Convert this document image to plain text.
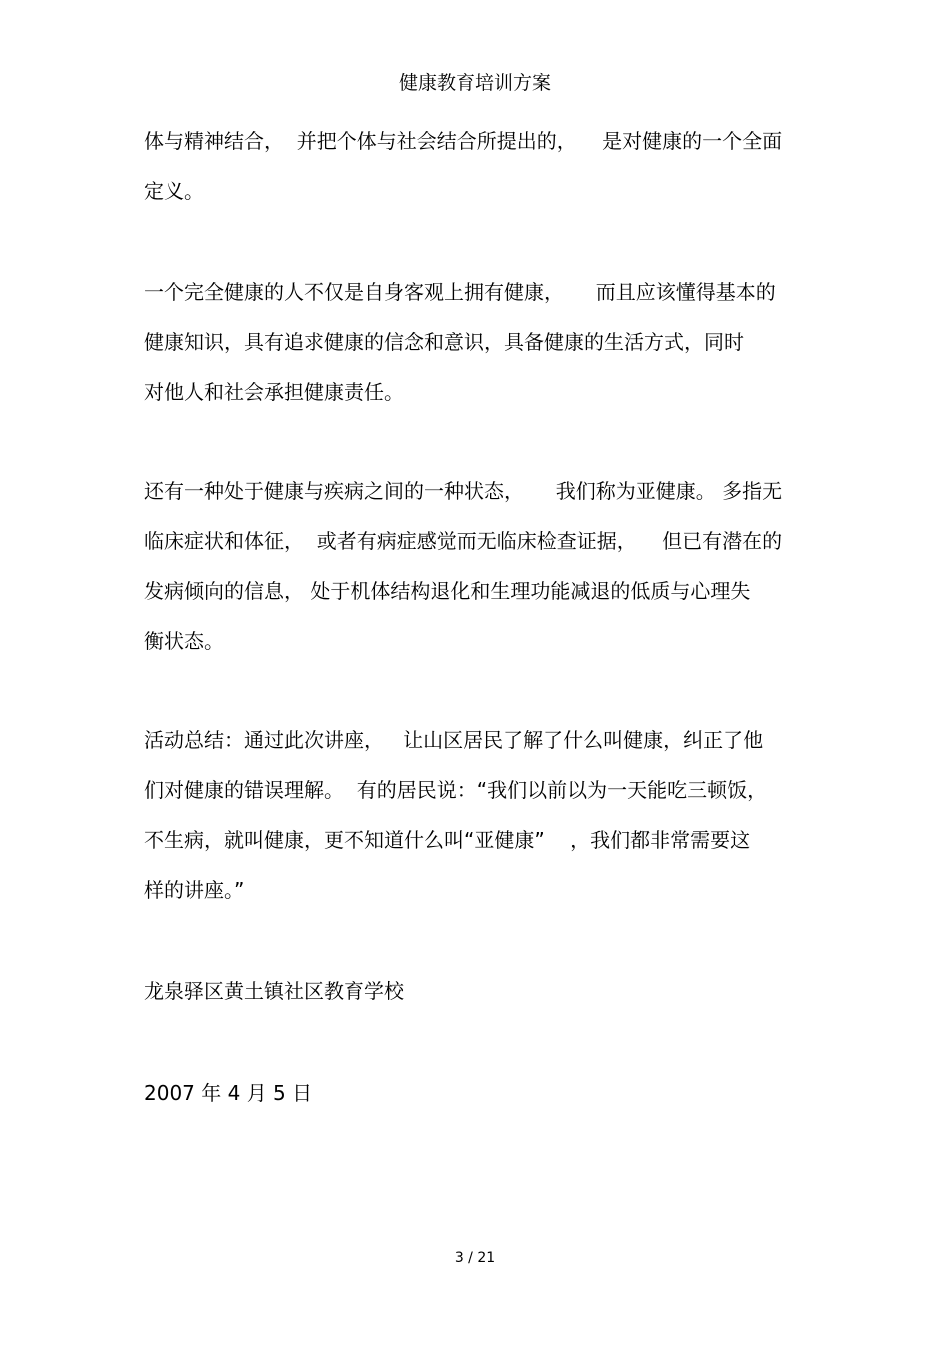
健康教育培训方案
体与精神结合，  并把个体与社会结合所提出的，    是对健康的一个全面
定义。
一个完全健康的人不仅是自身客观上拥有健康，     而且应该懂得基本的
健康知识，具有追求健康的信念和意识，具备健康的生活方式，同时
对他人和社会承担健康责任。
还有一种处于健康与疾病之间的一种状态，     我们称为亚健康。 多指无
临床症状和体征，  或者有病症感觉而无临床检查证据，    但已有潜在的
发病倾向的信息， 处于机体结构退化和生理功能减退的低质与心理失
衡状态。
活动总结：通过此次讲座，   让山区居民了解了什么叫健康，纠正了他
们对健康的错误理解。  有的居民说：“我们以前以为一天能吃三顿饭，
不生病，就叫健康，更不知道什么叫“亚健康”    ，我们都非常需要这
样的讲座。”
龙泉驿区黄土镇社区教育学校
2007 年 4 月 5 日
3 / 21
